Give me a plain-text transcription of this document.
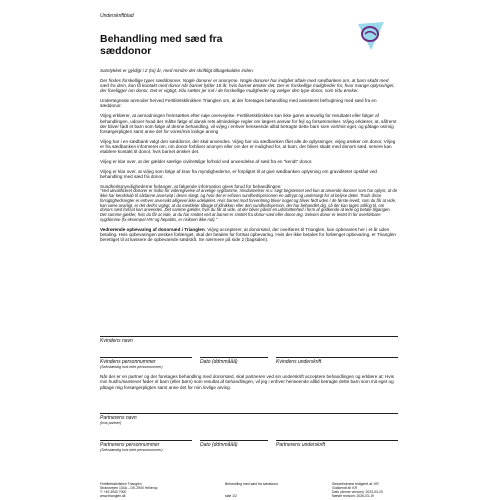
Underskriftblad
Behandling med sæd fra
sæddonor

Samtykket er gyldigt i 2 (to) år, med mindre det skriftligt tilbagekaldes inden.

Der findes forskellige typer sæddonorer. Nogle donorer er anonyme. Nogle donorer har indgået aftale med sædbanken om, at barn skabt med sæd fra dem, kan få kontakt med donor når barnet fylder 18 år, hvis barnet ønsker det. Der er forskellige muligheder for, hvor mange oplysninger, der foreligger om donor. Det er vigtigt, I/du sætter jer ind i de forskellige muligheder og vælger den type donor, som I/du ønsker.

Undertegnede anmoder herved Fertilitetsklinikken Trianglen om, at der foretages behandling med assisteret befrugtning med sæd fra en sæddonor.

Vi/jeg erklærer, at anmodningen fremsættes efter nøje overvejelse. Fertilitetsklinikken kan ikke gøres ansvarlig for resultatet eller følger af behandlingen, udover hvad der måtte følge af dansk rets almindelige regler om lægers ansvar for fejl og forsømmelser. Vi/jeg erklærer, at, såfremt der bliver født et barn som følge af denne behandling, vil vi/jeg i enhver henseende alltid betragte dette barn som vort/mit eget, og påtage os/mig forsørgerpligten samt anse det for vores/min lovlige arving

Vi/jeg har i en sædbank valgt den sæddonor, der skal anvendes. Vi/jeg har via sædbanken fået alle de oplysninger, vi/jeg ønsker om donor. Vi/jeg er fra sædbanken informeret om, om donor forbliver anonym eller om der er mulighed for, at barn, der bliver skabt med donors sæd, senere kan etablere kontakt til donor, hvis barnet ønsker det.

Vi/jeg er klar over, at der gælder særlige civilretslige forhold ved anvendelse af sæd fra en "kendt" donor.

Vi/jeg er klar over, at vi/jeg som følge af krav fra myndighederne, er forpligtet til at give sædbanken oplysning om graviditetet opståel ved behandling med sæd fra donor.

Sundhedsmyndighederne forlanger, at følgende information gives forud for behandlingen:

"Ved ukvalificeret donorer er risiko for videregivelse af arvelige sygdomme, misdannelser m.v. søgt begrænset ved kun at anvende donorer som har oplyst, at de ikke har kendskab til sådanne arvesviqt i deres slægt, og hvor det er erfaren sundhedspersonen en udtrypt og undersøgt for at belyse dette. Trods disse forsigtighedsregler er enhver arvesvikt alligevel ikke udelukket. Hvis barnet mod forventning bliver noget og bliver født uden / de første levelt, som du får at vide, kan være arveligt, er det derfor vigtigt, at du meddeler tilbage til klinikken eller den sundhedsperson, der har behandlet dig, så der kan tages stilling til, om donors sæd fortsat kan anvendes. Det samme gælder, hvis du får at vide, at der bliver påvist en udsmittenhed i form af godkende at lede og betale tilgangen. Det samme gælder, hvis du får at vide, at du har smittet ved at barnet er smittet fra donor-sæd eller donor-æg. Selvom donor er testet fri for overførbare sygdomme (fx eksempel HIV og hepatitis, er risikoen ikke nul)."

Vedrørende opbevaring af donorsæd i Trianglen. Vi/jeg accepterer, at donorsæd, der overføres til Trianglen, kan opbevares her i et år uden betaling. Hvis opbevaringen ønskes forlænget, skal der betales for fortsat opbevaring. Hvis der ikke betales for forlænget opbevaring, er Trianglen berettiget til at kassere de opbevarede sædstrå. Se nærmere på side 2 (bagsiden).

Kvindens navn
Kvindens personnummer
(Selvstændig hvis intet personnummer)
Dato (ddmmååå)	Kvindens underskrift
Når der er en partner og der foretages behandling med donorsæd, skal partneren ved sin underskrift acceptere behandlingen og erklære at: Hvis min husfru/samlever føder et barn (eller børn) som resultat af behandlingen, vil jeg i enhver henseende alltid betragte dette barn som mit eget og påtage mig forsørgerpligten samt anse det for min lovlige arving.
Partnerens navn
(hvis partner)
Partnerens personnummer
(Selvstændig hvis intet personnummer)
Dato (ddmmååå)	Partnerens underskrift
Fertilitetsklinikken Trianglen
Strandvejen 104A – DK-2900 Hellerup
T: +45 3940 7000
www.trianglen.dk
Behandling med sæd fra sæddonor

side 1/2
Slesvet/senest redigeret af: KR
Godkendt af: KR
Dato (denne version): 2023-03-20
Næste revision: 2026-03-19
